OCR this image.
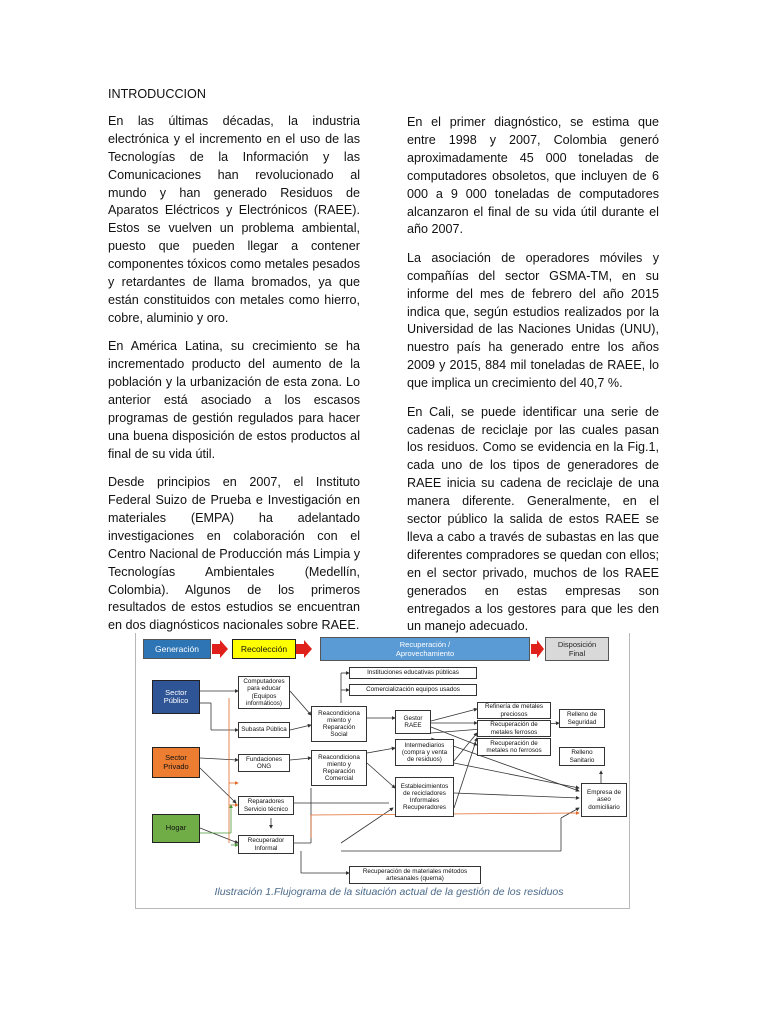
INTRODUCCION

En las últimas décadas, la industria electrónica y el incremento en el uso de las Tecnologías de la Información y las Comunicaciones han revolucionado al mundo y han generado Residuos de Aparatos Eléctricos y Electrónicos (RAEE). Estos se vuelven un problema ambiental, puesto que pueden llegar a contener componentes tóxicos como metales pesados y retardantes de llama bromados, ya que están constituidos con metales como hierro, cobre, aluminio y oro.

En América Latina, su crecimiento se ha incrementado producto del aumento de la población y la urbanización de esta zona. Lo anterior está asociado a los escasos programas de gestión regulados para hacer una buena disposición de estos productos al final de su vida útil.

Desde principios en 2007, el Instituto Federal Suizo de Prueba e Investigación en materiales (EMPA) ha adelantado investigaciones en colaboración con el Centro Nacional de Producción más Limpia y Tecnologías Ambientales (Medellín, Colombia). Algunos de los primeros resultados de estos estudios se encuentran en dos diagnósticos nacionales sobre RAEE.

En el primer diagnóstico, se estima que entre 1998 y 2007, Colombia generó aproximadamente 45 000 toneladas de computadores obsoletos, que incluyen de 6 000 a 9 000 toneladas de computadores alcanzaron el final de su vida útil durante el año 2007.

La asociación de operadores móviles y compañías del sector GSMA-TM, en su informe del mes de febrero del año 2015 indica que, según estudios realizados por la Universidad de las Naciones Unidas (UNU), nuestro país ha generado entre los años 2009 y 2015, 884 mil toneladas de RAEE, lo que implica un crecimiento del 40,7 %.

En Cali, se puede identificar una serie de cadenas de reciclaje por las cuales pasan los residuos. Como se evidencia en la Fig.1, cada uno de los tipos de generadores de RAEE inicia su cadena de reciclaje de una manera diferente. Generalmente, en el sector público la salida de estos RAEE se lleva a cabo a través de subastas en las que diferentes compradores se quedan con ellos; en el sector privado, muchos de los RAEE generados en estas empresas son entregados a los gestores para que les den un manejo adecuado.

Generación	Recolección	Recuperación / Aprovechamiento
Disposición Final
Sector Público
Sector Privado
Hogar
Computadores para educar (Equipos informáticos)
Subasta Pública
Fundaciones ONG
Reparadores Servicio técnico
Recuperador Informal
Reacondiciona miento y Reparación Social
Reacondiciona miento y Reparación Comercial
Instituciones educativas públicas
Comercialización equipos usados
Gestor RAEE
Intermediarios (compra y venta de residuos)
Establecimientos de recicladores Informales Recuperadores
Refinería de metales preciosos
Recuperación de metales ferrosos
Recuperación de metales no ferrosos
Relleno de Seguridad
Relleno Sanitario
Empresa de aseo domiciliario
Recuperación de materiales métodos artesanales (quema)
Ilustración 1.Flujograma de la situación actual de la gestión de los residuos
